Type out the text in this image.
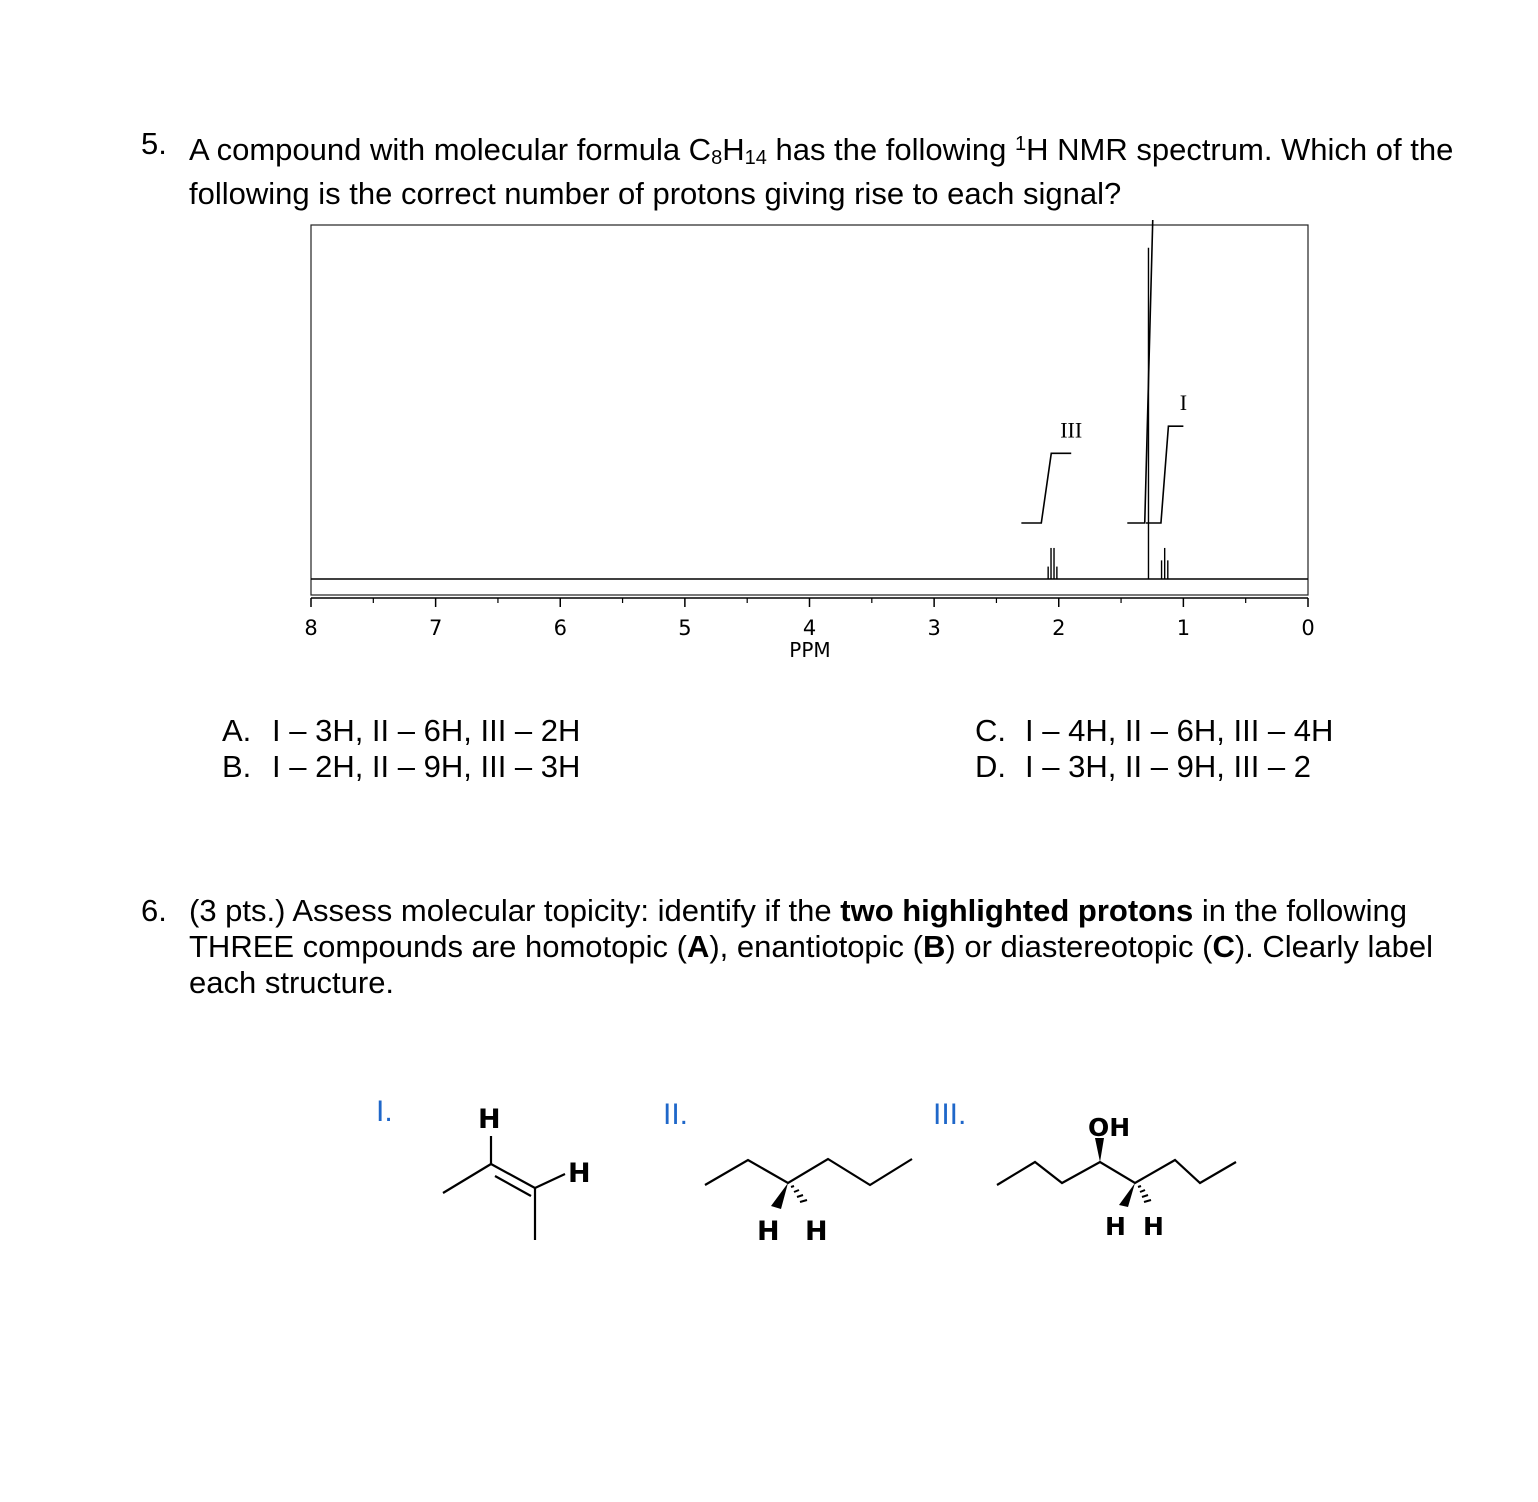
5. A compound with molecular formula $C_8H_{14}$ has the following $^1$H NMR spectrum. Which of the
following is the correct number of protons giving rise to each signal?
III
I
8	7	6	5	4	3	2	1	0
PPM
A. I – 3H, II – 6H, III – 2H
B. I – 2H, II – 9H, III – 3H
C. I – 4H, II – 6H, III – 4H
D. I – 3H, II – 9H, III – 2
6. (3 pts.) Assess molecular topicity: identify if the two highlighted protons in the following
THREE compounds are homotopic (A), enantiotopic (B) or diastereotopic (C). Clearly label
each structure.
I.	II.	III.
H
H
H H
OH
H H
